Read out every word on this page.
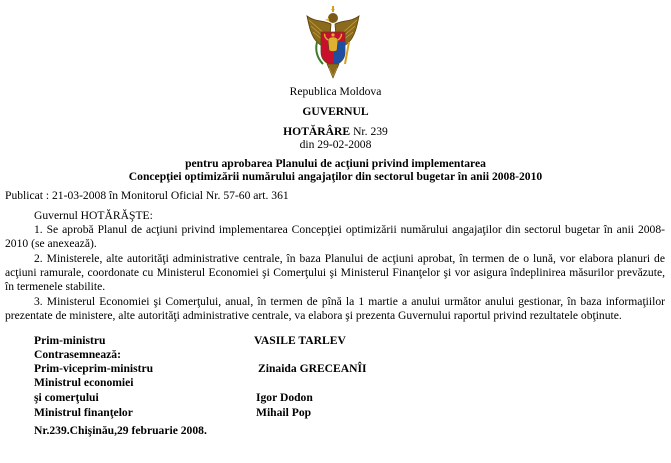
Republica Moldova
GUVERNUL
HOTĂRÂRE Nr. 239
din 29-02-2008
pentru aprobarea Planului de acţiuni privind implementarea
Concepţiei optimizării numărului angajaţilor din sectorul bugetar în anii 2008-2010
Publicat : 21-03-2008 în Monitorul Oficial Nr. 57-60 art. 361
Guvernul HOTĂRĂŞTE:
1. Se aprobă Planul de acţiuni privind implementarea Concepţiei optimizării numărului angajaţilor din sectorul bugetar în anii 2008-2010 (se anexează).
2. Ministerele, alte autorităţi administrative centrale, în baza Planului de acţiuni aprobat, în termen de o lună, vor elabora planuri de acţiuni ramurale, coordonate cu Ministerul Economiei şi Comerţului şi Ministerul Finanţelor şi vor asigura îndeplinirea măsurilor prevăzute, în termenele stabilite.
3. Ministerul Economiei şi Comerţului, anual, în termen de pînă la 1 martie a anului următor anului gestionar, în baza informaţiilor prezentate de ministere, alte autorităţi administrative centrale, va elabora şi prezenta Guvernului raportul privind rezultatele obţinute.
Prim-ministru	VASILE TARLEV
Contrasemnează:
Prim-viceprim-ministru	Zinaida GRECEANÎI
Ministrul economiei
şi comerţului	Igor Dodon
Ministrul finanţelor	Mihail Pop
Nr.239.Chişinău,29 februarie 2008.
